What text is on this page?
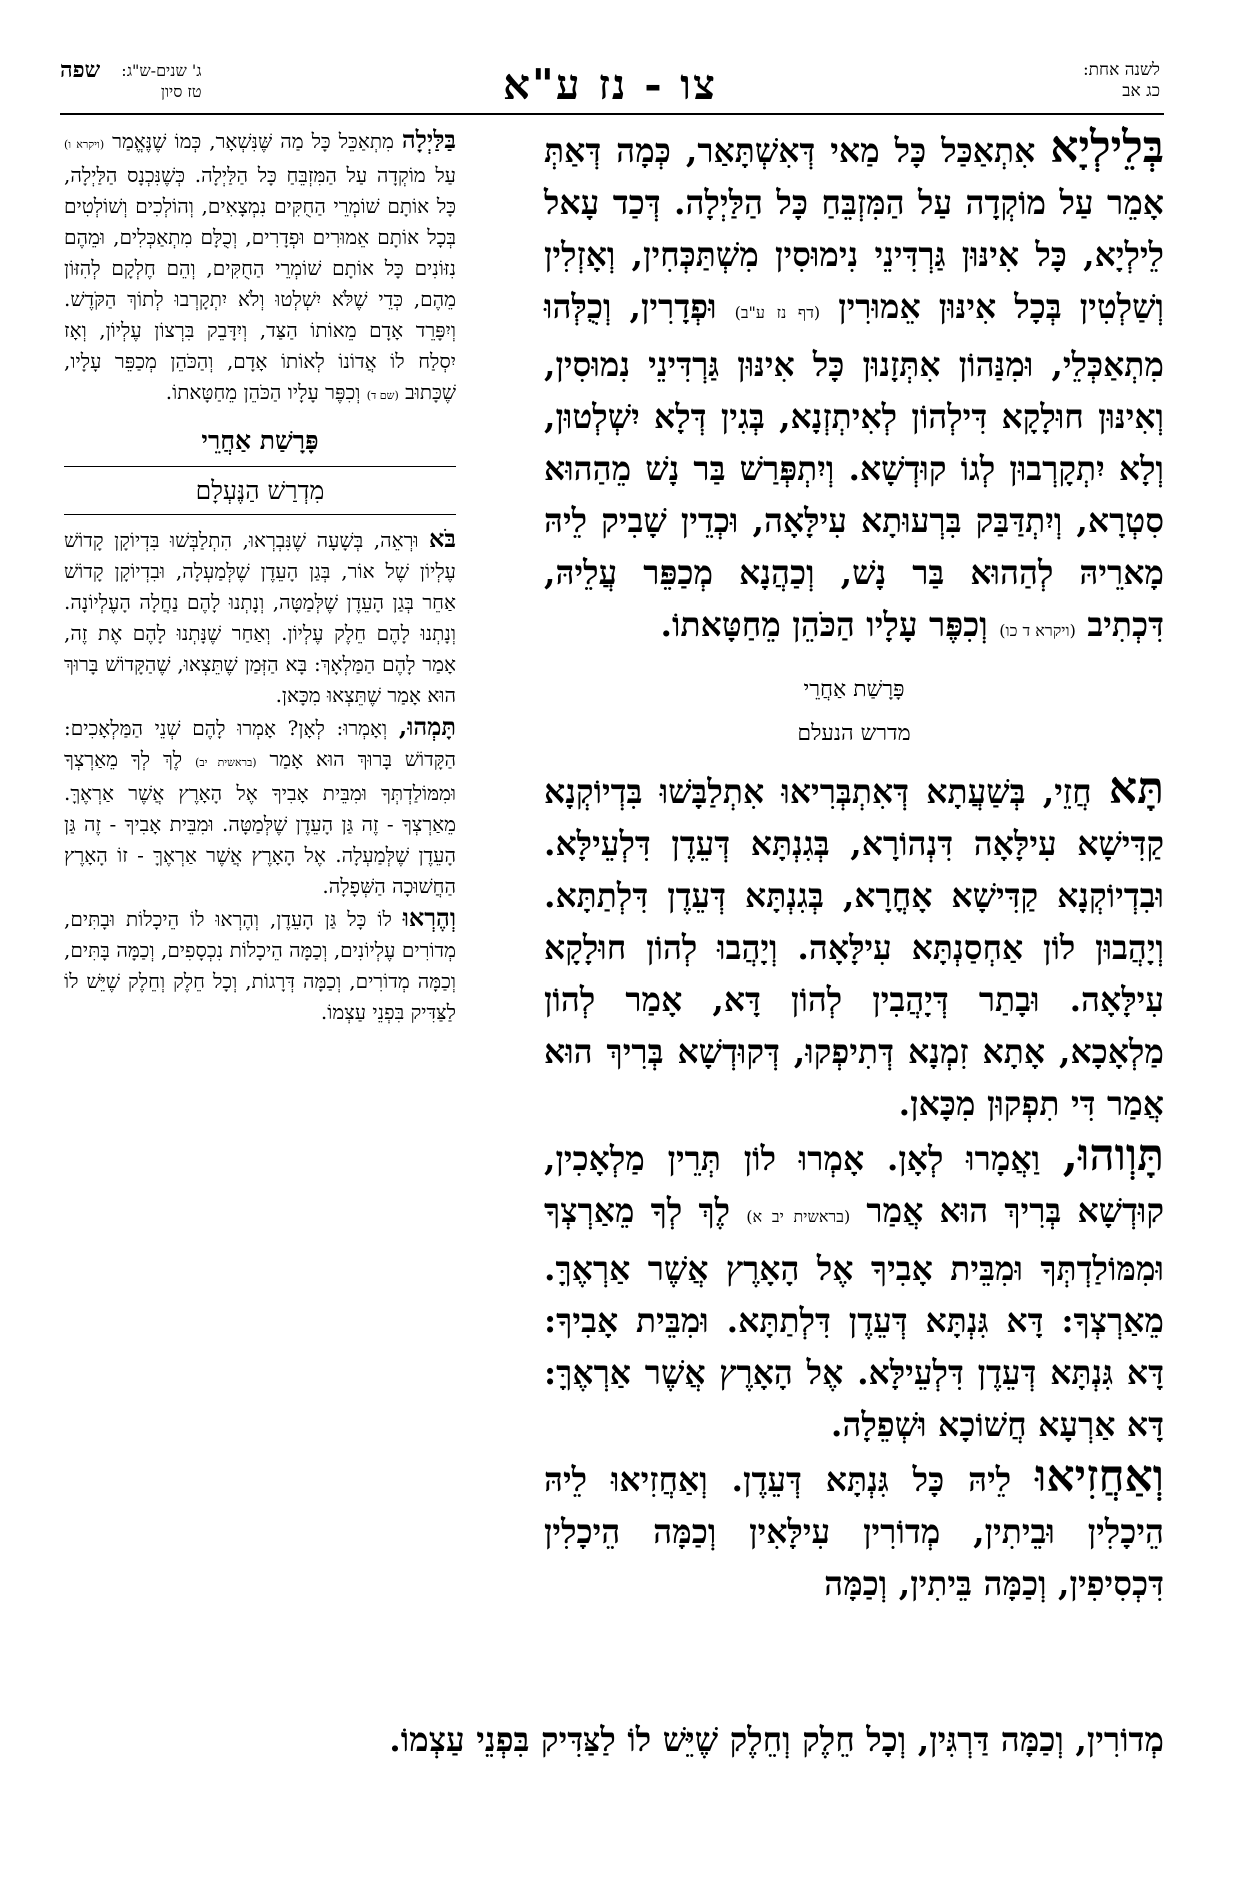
לשנה אחת:
כג אב
צו - נז ע"א
ג' שנים-ש"ג:
טז סיון
שפה

בְּלֵילְיָא אִתְאַכַּל כָּל מַאי דְּאִשְׁתָּאַר, כְּמָה דְּאַתְּ אָמֵר עַל מוֹקְדָה עַל הַמִּזְבֵּחַ כָּל הַלַּיְלָה. דְּכַד עָאל לֵילְיָא, כָּל אִינּוּן גַּרְדִּינֵי נִימוּסִין מִשְׁתַּכְּחִין, וְאָזְלִין וְשַׁלְטִין בְּכָל אִינּוּן אֵמוּרִין (דף נז ע"ב) וּפְדָרִין, וְכֻלְּהוּ מִתְאַכְּלֵי, וּמִנַּהוֹן אִתְּזָנוּן כָּל אִינּוּן גַּרְדִּינֵי נִמוּסִין, וְאִינּוּן חוּלָקָא דִּילְהוֹן לְאִיתְזְנָא, בְּגִין דְּלָא יִשְׁלְטוּן, וְלָא יִתְקָרְבוּן לְגוֹ קוּדְשָׁא. וְיִתְפְּרַשׁ בַּר נָשׁ מֵהַהוּא סִטְרָא, וְיִתְדַּבַּק בִּרְעוּתָא עִילָּאָה, וּכְדֵין שָׁבִיק לֵיהּ מָארֵיהּ לְהַהוּא בַּר נָשׁ, וְכַהֲנָא מְכַפֵּר עֲלֵיהּ, דִּכְתִיב (ויקרא ד כו) וְכִפֶּר עָלָיו הַכֹּהֵן מֵחַטָּאתוֹ.

פָּרָשַׁת אַחֲרֵי
מדרש הנעלם

תָּא חֲזֵי, בְּשַׁעֲתָא דְּאִתְבְּרִיאוּ אִתְלַבָּשׁוּ בִּדְיוֹקְנָא קַדִּישָׁא עִילָּאָה דִּנְהוֹרָא, בְּגִנְתָּא דְּעֵדֶן דִּלְעֵילָּא. וּבִדְיוֹקְנָא קַדִּישָׁא אָחֳרָא, בְּגִנְתָּא דְּעֵדֶן דִּלְתַתָּא. וְיָהֲבוּן לוֹן אַחְסַנְתָּא עִילָּאָה. וְיָהֲבוּ לְהוֹן חוּלָקָא עִילָּאָה. וּבָתַר דְּיָהֲבִין לְהוֹן דָּא, אָמַר לְהוֹן מַלְאָכָא, אָתָא זִמְנָא דְּתִיפְקוּ, דְּקוּדְשָׁא בְּרִיךְ הוּא אֲמַר דִּי תִפְקוּן מִכָּאן.

תָּוְוהוּ, וַאֲמָרוּ לְאָן. אָמְרוּ לוֹן תְּרֵין מַלְאָכִין, קוּדְשָׁא בְּרִיךְ הוּא אֲמַר (בראשית יב א) לֶךְ לְךָ מֵאַרְצְךָ וּמִמּוֹלַדְתְּךָ וּמִבֵּית אָבִיךָ אֶל הָאָרֶץ אֲשֶׁר אַרְאֶךָּ. מֵאַרְצְךָ: דָּא גִּנְתָּא דְּעֵדֶן דִּלְתַתָּא. וּמִבֵּית אָבִיךָ: דָּא גִּנְתָּא דְּעֵדֶן דִּלְעֵילָּא. אֶל הָאָרֶץ אֲשֶׁר אַרְאֶךָּ: דָּא אַרְעָא חֲשׁוֹכָא וּשְׁפֵלָה.

וְאַחֲזִיאוּ לֵיהּ כָּל גִּנְתָּא דְּעֵדֶן. וְאַחֲזִיאוּ לֵיהּ הֵיכָלִין וּבֵיתִין, מְדוֹרִין עִילָּאִין וְכַמָּה הֵיכָלִין דִּכְסִיפִין, וְכַמָּה בֵּיתִין, וְכַמָּה

מְדוֹרִין, וְכַמָּה דַּרְגִּין, וְכָל חֵלֶק וְחֵלֶק שֶׁיֵּשׁ לוֹ לַצַּדִּיק בִּפְנֵי עַצְמוֹ.

בַּלַּיְלָה מִתְאַכֵּל כָּל מַה שֶּׁנִּשְׁאָר, כְּמוֹ שֶׁנֶּאֱמַר (ויקרא ו) עַל מוֹקְדָה עַל הַמִּזְבֵּחַ כָּל הַלַּיְלָה. כְּשֶׁנִּכְנָס הַלַּיְלָה, כָּל אוֹתָם שׁוֹמְרֵי הַחֻקִּים נִמְצָאִים, וְהוֹלְכִים וְשׁוֹלְטִים בְּכָל אוֹתָם אֵמוּרִים וּפְדָרִים, וְכֻלָּם מִתְאַכְּלִים, וּמֵהֶם נִזּוֹנִים כָּל אוֹתָם שׁוֹמְרֵי הַחֻקִּים, וְהֵם חֶלְקָם לְהִזּוֹן מֵהֶם, כְּדֵי שֶׁלֹּא יִשְׁלְטוּ וְלֹא יִתְקָרְבוּ לְתוֹךְ הַקֹּדֶשׁ. וְיִפָּרֵד אָדָם מֵאוֹתוֹ הַצַּד, וְיִדָּבֵק בִּרְצוֹן עֶלְיוֹן, וְאָז יִסְלַח לוֹ אֲדוֹנוֹ לְאוֹתוֹ אָדָם, וְהַכֹּהֵן מְכַפֵּר עָלָיו, שֶׁכָּתוּב (שם ד) וְכִפֶּר עָלָיו הַכֹּהֵן מֵחַטָּאתוֹ.

פָּרָשַׁת אַחֲרֵי
מִדְרַשׁ הַנֶּעְלָם

בֹּא וּרְאֵה, בְּשָׁעָה שֶׁנִּבְרְאוּ, הִתְלַבְּשׁוּ בִּדְיוֹקָן קָדוֹשׁ עֶלְיוֹן שֶׁל אוֹר, בְּגַן הָעֵדֶן שֶׁלְּמַעְלָה, וּבִדְיוֹקָן קָדוֹשׁ אַחֵר בְּגַן הָעֵדֶן שֶׁלְּמַטָּה, וְנָתְנוּ לָהֶם נַחֲלָה הָעֶלְיוֹנָה. וְנָתְנוּ לָהֶם חֵלֶק עֶלְיוֹן. וְאַחַר שֶׁנָּתְנוּ לָהֶם אֶת זֶה, אָמַר לָהֶם הַמַּלְאָךְ: בָּא הַזְּמַן שֶׁתֵּצְאוּ, שֶׁהַקָּדוֹשׁ בָּרוּךְ הוּא אָמַר שֶׁתֵּצְאוּ מִכָּאן.

תָּמְהוּ, וְאָמְרוּ: לְאָן? אָמְרוּ לָהֶם שְׁנֵי הַמַּלְאָכִים: הַקָּדוֹשׁ בָּרוּךְ הוּא אָמַר (בראשית יב) לֶךְ לְךָ מֵאַרְצְךָ וּמִמּוֹלַדְתְּךָ וּמִבֵּית אָבִיךָ אֶל הָאָרֶץ אֲשֶׁר אַרְאֶךָּ. מֵאַרְצְךָ - זֶה גַּן הָעֵדֶן שֶׁלְּמַטָּה. וּמִבֵּית אָבִיךָ - זֶה גַּן הָעֵדֶן שֶׁלְּמַעְלָה. אֶל הָאָרֶץ אֲשֶׁר אַרְאֶךָּ - זוֹ הָאָרֶץ הַחֲשׁוּכָה הַשְּׁפָלָה.

וְהֶרְאוּ לוֹ כָּל גַּן הָעֵדֶן, וְהֶרְאוּ לוֹ הֵיכָלוֹת וּבָתִּים, מְדוֹרִים עֶלְיוֹנִים, וְכַמָּה הֵיכָלוֹת נִכְסָפִים, וְכַמָּה בָּתִּים, וְכַמָּה מְדוֹרִים, וְכַמָּה דְּרָגוֹת, וְכָל חֵלֶק וְחֵלֶק שֶׁיֵּשׁ לוֹ לַצַּדִּיק בִּפְנֵי עַצְמוֹ.
